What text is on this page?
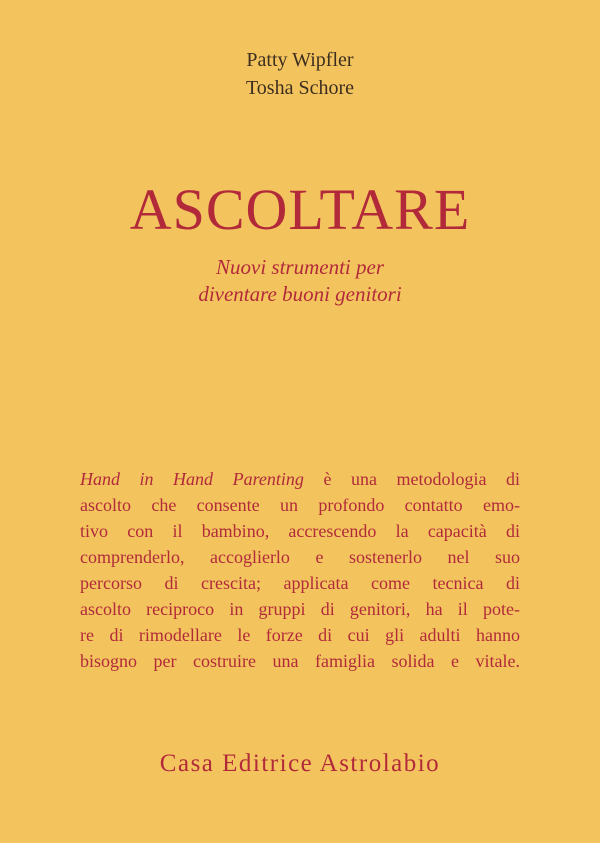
Patty Wipfler
Tosha Schore
ASCOLTARE
Nuovi strumenti per
diventare buoni genitori
Hand in Hand Parenting è una metodologia di
ascolto che consente un profondo contatto emo-
tivo con il bambino, accrescendo la capacità di
comprenderlo, accoglierlo e sostenerlo nel suo
percorso di crescita; applicata come tecnica di
ascolto reciproco in gruppi di genitori, ha il pote-
re di rimodellare le forze di cui gli adulti hanno
bisogno per costruire una famiglia solida e vitale.
Casa Editrice Astrolabio
